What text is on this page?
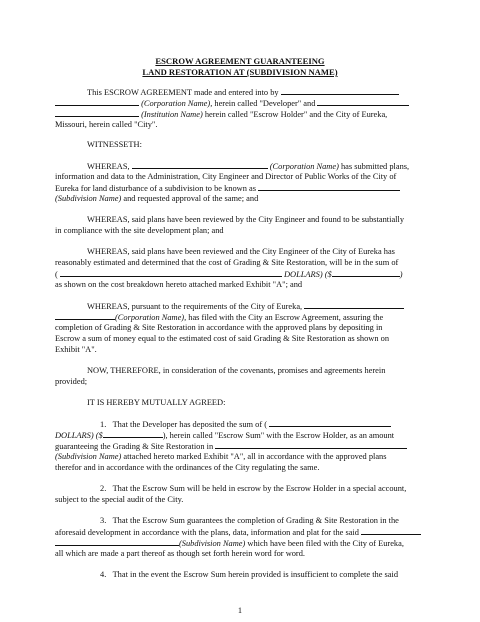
ESCROW AGREEMENT GUARANTEEING
LAND RESTORATION AT (SUBDIVISION NAME)
This ESCROW AGREEMENT made and entered into by
(Corporation Name), herein called "Developer" and
(Institution Name) herein called "Escrow Holder" and the City of Eureka,
Missouri, herein called "City".
WITNESSETH:
WHEREAS,	(Corporation Name) has submitted plans,
information and data to the Administration, City Engineer and Director of Public Works of the City of
Eureka for land disturbance of a subdivision to be known as
(Subdivision Name) and requested approval of the same; and
WHEREAS, said plans have been reviewed by the City Engineer and found to be substantially
in compliance with the site development plan; and
WHEREAS, said plans have been reviewed and the City Engineer of the City of Eureka has
reasonably estimated and determined that the cost of Grading & Site Restoration, will be in the sum of
(	DOLLARS) ($	)
as shown on the cost breakdown hereto attached marked Exhibit "A"; and
WHEREAS, pursuant to the requirements of the City of Eureka,
(Corporation Name), has filed with the City an Escrow Agreement, assuring the
completion of Grading & Site Restoration in accordance with the approved plans by depositing in
Escrow a sum of money equal to the estimated cost of said Grading & Site Restoration as shown on
Exhibit "A".
NOW, THEREFORE, in consideration of the covenants, promises and agreements herein
provided;
IT IS HEREBY MUTUALLY AGREED:
1.   That the Developer has deposited the sum of (
DOLLARS) ($	), herein called "Escrow Sum" with the Escrow Holder, as an amount
guaranteeing the Grading & Site Restoration in
(Subdivision Name) attached hereto marked Exhibit "A", all in accordance with the approved plans
therefor and in accordance with the ordinances of the City regulating the same.
2.   That the Escrow Sum will be held in escrow by the Escrow Holder in a special account,
subject to the special audit of the City.
3.   That the Escrow Sum guarantees the completion of Grading & Site Restoration in the
aforesaid development in accordance with the plans, data, information and plat for the said
(Subdivision Name) which have been filed with the City of Eureka,
all which are made a part thereof as though set forth herein word for word.
4.   That in the event the Escrow Sum herein provided is insufficient to complete the said
1
